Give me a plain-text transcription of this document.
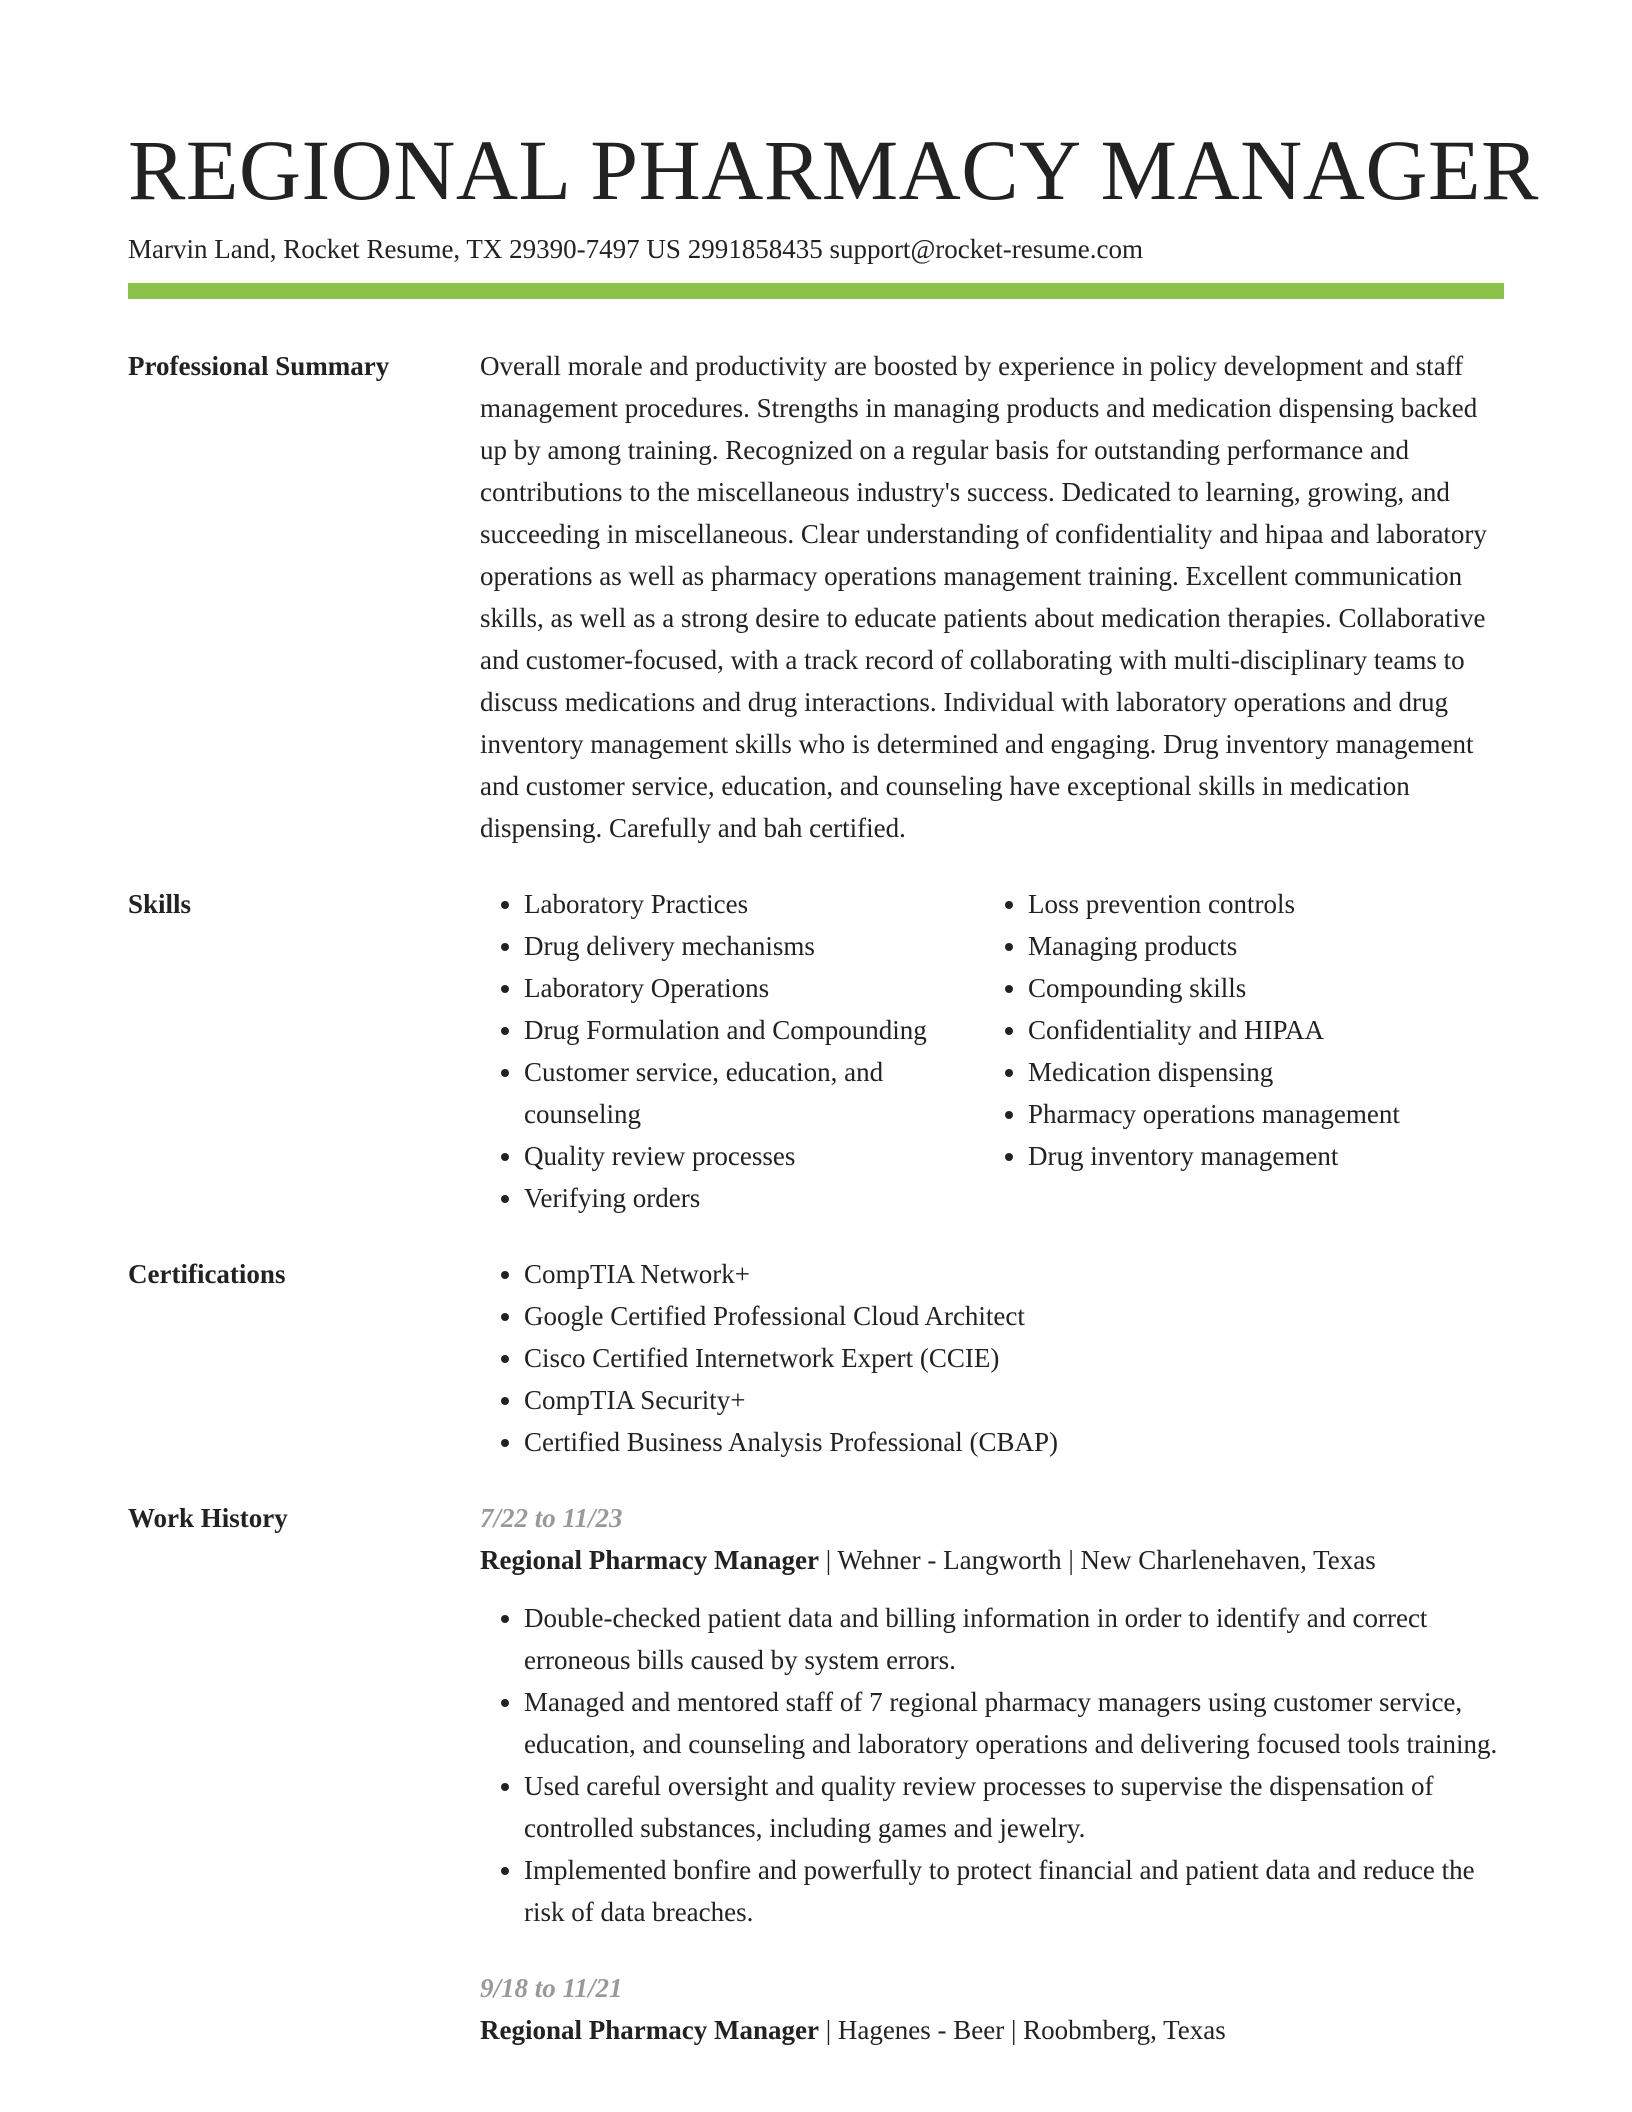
REGIONAL PHARMACY MANAGER
Marvin Land, Rocket Resume, TX 29390-7497 US 2991858435 support@rocket-resume.com
Professional Summary	Overall morale and productivity are boosted by experience in policy development and staff management procedures. Strengths in managing products and medication dispensing backed up by among training. Recognized on a regular basis for outstanding performance and contributions to the miscellaneous industry's success. Dedicated to learning, growing, and succeeding in miscellaneous. Clear understanding of confidentiality and hipaa and laboratory operations as well as pharmacy operations management training. Excellent communication skills, as well as a strong desire to educate patients about medication therapies. Collaborative and customer-focused, with a track record of collaborating with multi-disciplinary teams to discuss medications and drug interactions. Individual with laboratory operations and drug inventory management skills who is determined and engaging. Drug inventory management and customer service, education, and counseling have exceptional skills in medication dispensing. Carefully and bah certified.

Skills	• Laboratory Practices
• Drug delivery mechanisms
• Laboratory Operations
• Drug Formulation and Compounding
• Customer service, education, and counseling
• Quality review processes
• Verifying orders
• Loss prevention controls
• Managing products
• Compounding skills
• Confidentiality and HIPAA
• Medication dispensing
• Pharmacy operations management
• Drug inventory management
Certifications	• CompTIA Network+
• Google Certified Professional Cloud Architect
• Cisco Certified Internetwork Expert (CCIE)
• CompTIA Security+
• Certified Business Analysis Professional (CBAP)
Work History	7/22 to 11/23
Regional Pharmacy Manager | Wehner - Langworth | New Charlenehaven, Texas
• Double-checked patient data and billing information in order to identify and correct erroneous bills caused by system errors.
• Managed and mentored staff of 7 regional pharmacy managers using customer service, education, and counseling and laboratory operations and delivering focused tools training.
• Used careful oversight and quality review processes to supervise the dispensation of controlled substances, including games and jewelry.
• Implemented bonfire and powerfully to protect financial and patient data and reduce the risk of data breaches.
9/18 to 11/21
Regional Pharmacy Manager | Hagenes - Beer | Roobmberg, Texas
